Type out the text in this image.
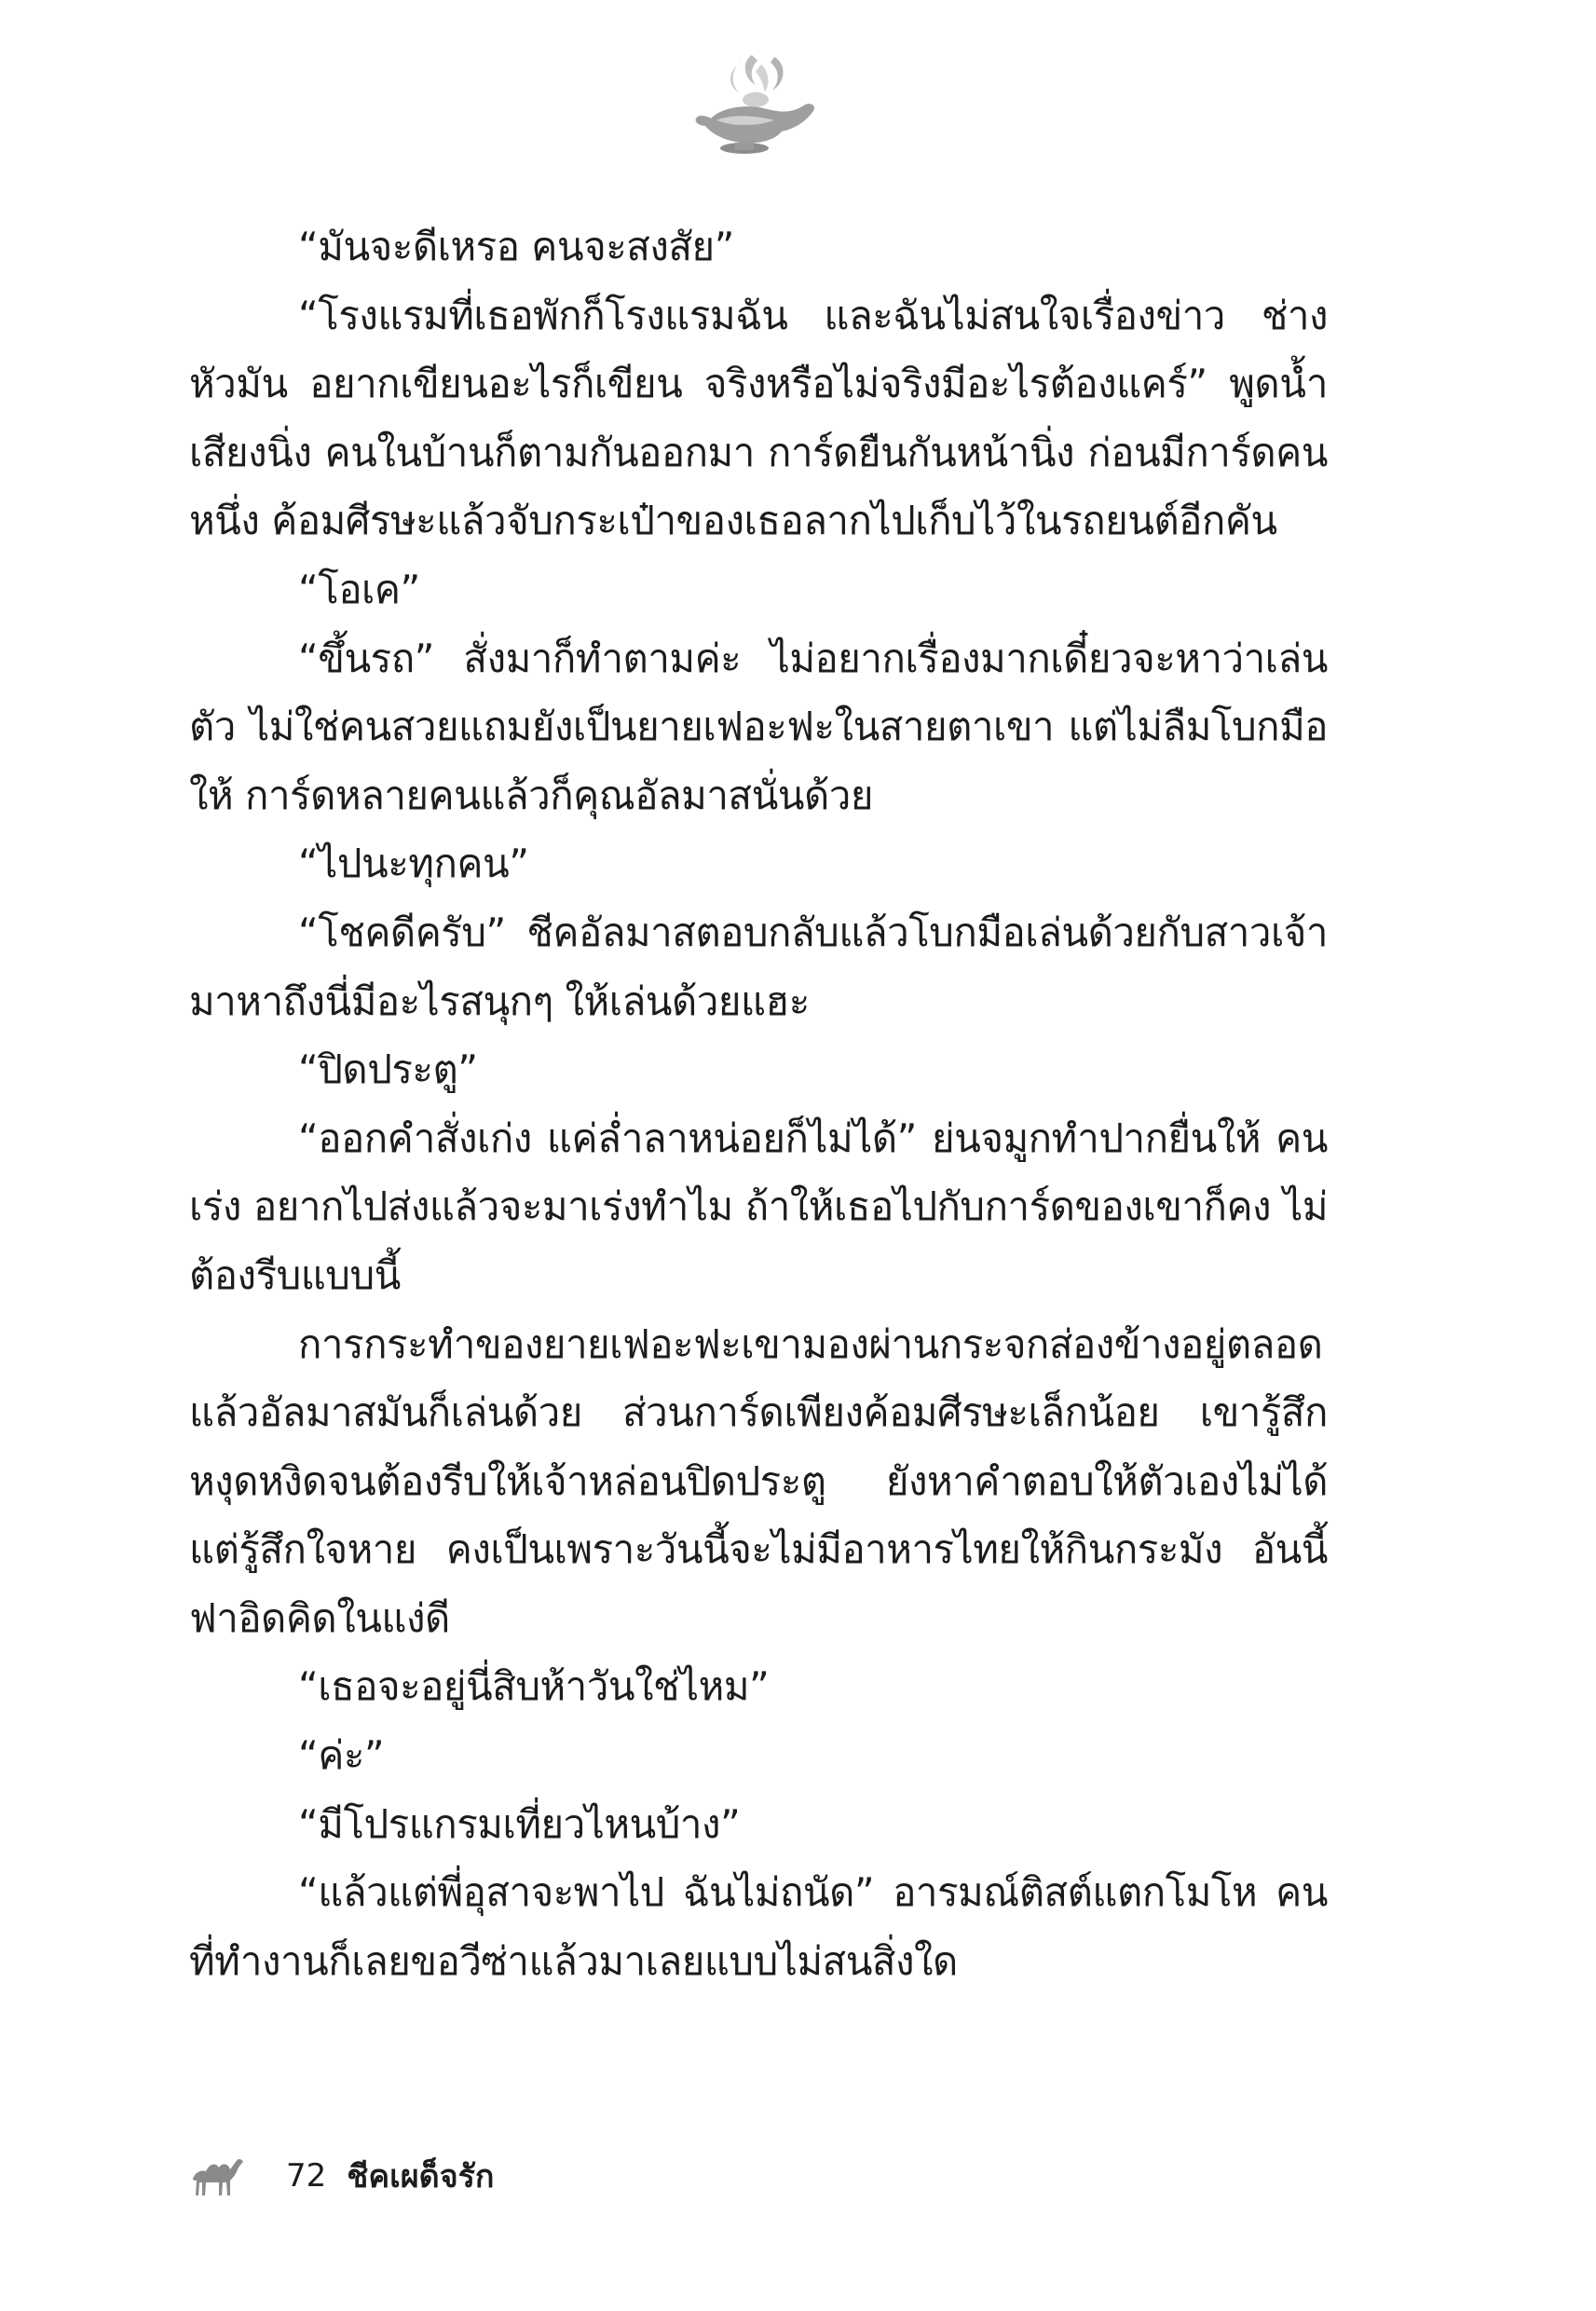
“มันจะดีเหรอ คนจะสงสัย”

“โรงแรมที่เธอพักก็โรงแรมฉัน และฉันไม่สนใจเรื่องข่าว ช่างหัวมัน อยากเขียนอะไรก็เขียน จริงหรือไม่จริงมีอะไรต้องแคร์” พูดน้ำเสียงนิ่ง คนในบ้านก็ตามกันออกมา การ์ดยืนกันหน้านิ่ง ก่อนมีการ์ดคนหนึ่ง ค้อมศีรษะแล้วจับกระเป๋าของเธอลากไปเก็บไว้ในรถยนต์อีกคัน

“โอเค”

“ขึ้นรถ” สั่งมาก็ทำตามค่ะ ไม่อยากเรื่องมากเดี๋ยวจะหาว่าเล่นตัว ไม่ใช่คนสวยแถมยังเป็นยายเฟอะฟะในสายตาเขา แต่ไม่ลืมโบกมือให้ การ์ดหลายคนแล้วก็คุณอัลมาสนั่นด้วย

“ไปนะทุกคน”

“โชคดีครับ” ชีคอัลมาสตอบกลับแล้วโบกมือเล่นด้วยกับสาวเจ้า มาหาถึงนี่มีอะไรสนุกๆ ให้เล่นด้วยแฮะ

“ปิดประตู”

“ออกคำสั่งเก่ง แค่ล่ำลาหน่อยก็ไม่ได้” ย่นจมูกทำปากยื่นให้ คนเร่ง อยากไปส่งแล้วจะมาเร่งทำไม ถ้าให้เธอไปกับการ์ดของเขาก็คง ไม่ต้องรีบแบบนี้

การกระทำของยายเฟอะฟะเขามองผ่านกระจกส่องข้างอยู่ตลอด แล้วอัลมาสมันก็เล่นด้วย ส่วนการ์ดเพียงค้อมศีรษะเล็กน้อย เขารู้สึก หงุดหงิดจนต้องรีบให้เจ้าหล่อนปิดประตู ยังหาคำตอบให้ตัวเองไม่ได้ แต่รู้สึกใจหาย คงเป็นเพราะวันนี้จะไม่มีอาหารไทยให้กินกระมัง อันนี้ ฟาอิดคิดในแง่ดี

“เธอจะอยู่นี่สิบห้าวันใช่ไหม”

“ค่ะ”

“มีโปรแกรมเที่ยวไหนบ้าง”

“แล้วแต่พี่อุสาจะพาไป ฉันไม่ถนัด” อารมณ์ติสต์แตกโมโห คนที่ทำงานก็เลยขอวีซ่าแล้วมาเลยแบบไม่สนสิ่งใด

72 ชีคเผด็จรัก
